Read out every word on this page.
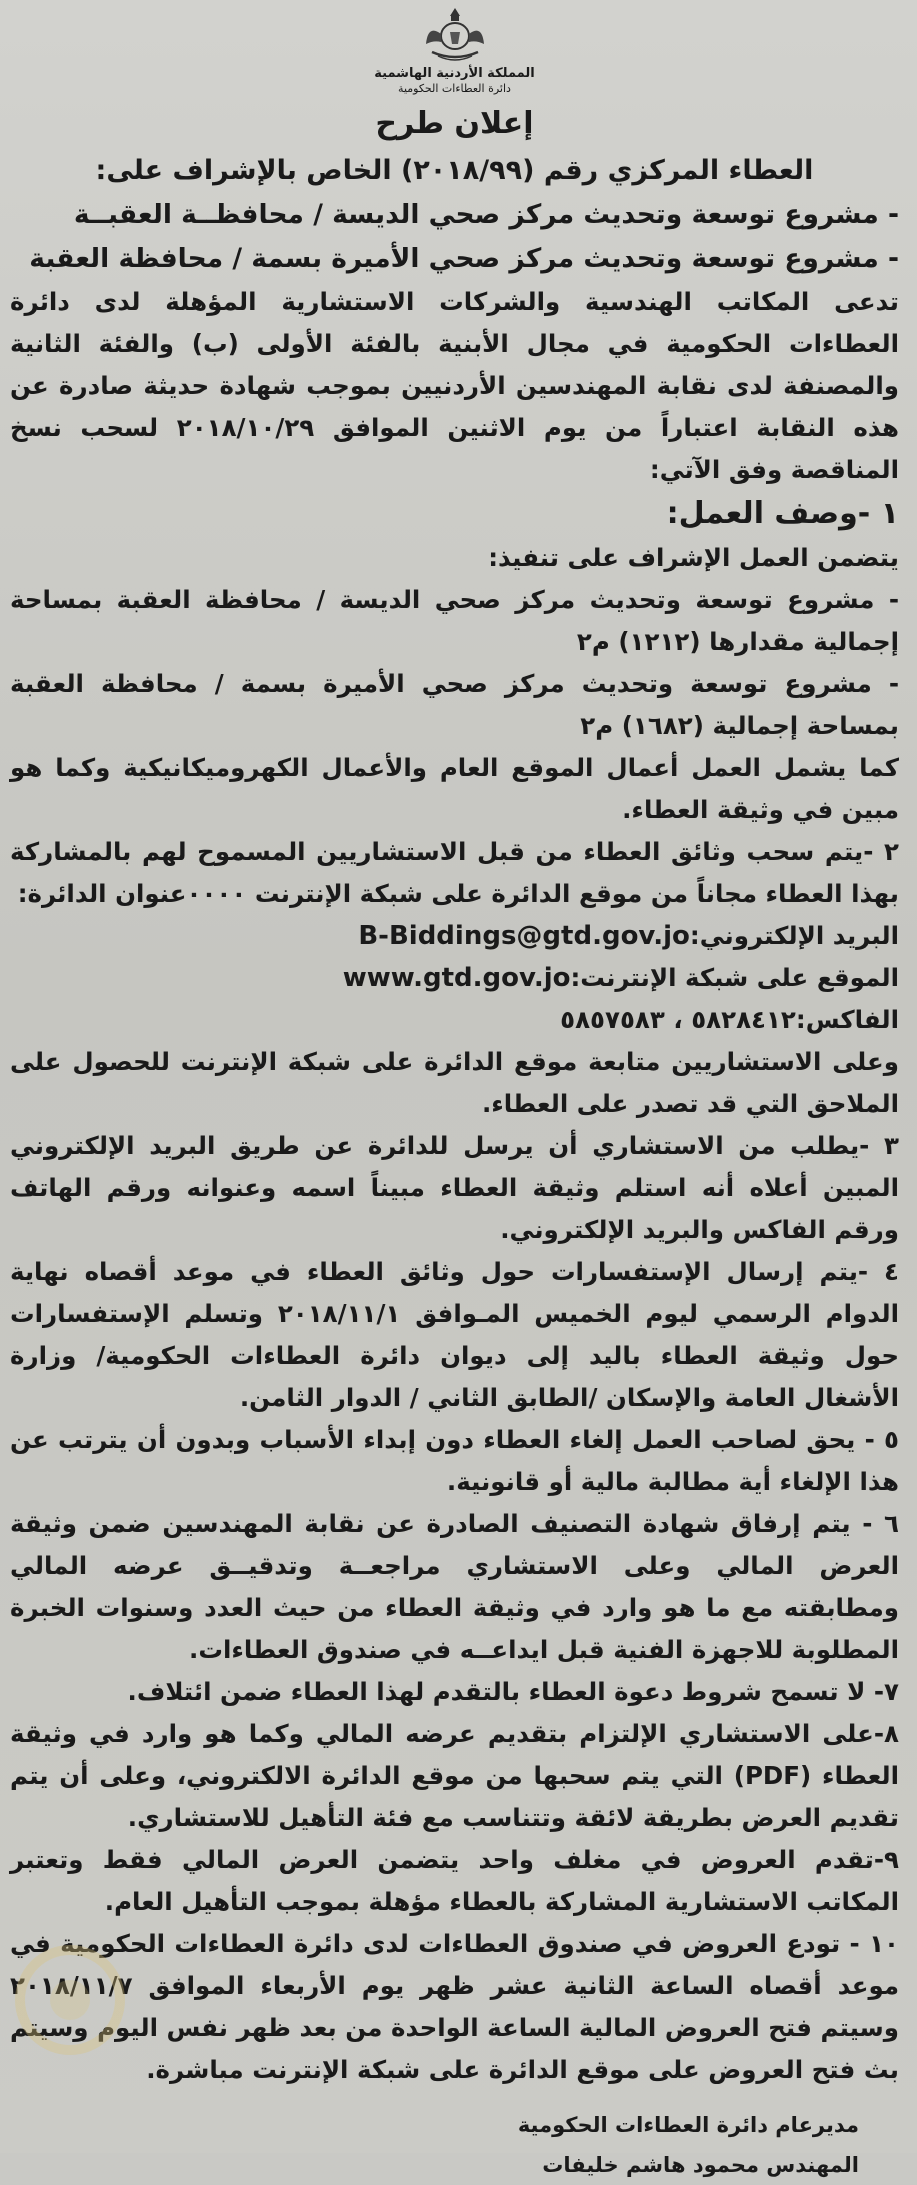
المملكة الأردنية الهاشمية
دائرة العطاءات الحكومية
إعلان طرح

العطاء المركزي رقم (٢٠١٨/٩٩) الخاص بالإشراف على:

- مشروع توسعة وتحديث مركز صحي الديسة / محافظــة العقبــة

- مشروع توسعة وتحديث مركز صحي الأميرة بسمة / محافظة العقبة

تدعى المكاتب الهندسية والشركات الاستشارية المؤهلة لدى دائرة العطاءات الحكومية في مجال الأبنية بالفئة الأولى (ب) والفئة الثانية والمصنفة لدى نقابة المهندسين الأردنيين بموجب شهادة حديثة صادرة عن هذه النقابة اعتباراً من يوم الاثنين الموافق ٢٠١٨/١٠/٢٩ لسحب نسخ المناقصة وفق الآتي:

١ -وصف العمل:

يتضمن العمل الإشراف على تنفيذ:

- مشروع توسعة وتحديث مركز صحي الديسة / محافظة العقبة بمساحة إجمالية مقدارها (١٢١٢) م٢

- مشروع توسعة وتحديث مركز صحي الأميرة بسمة / محافظة العقبة بمساحة إجمالية (١٦٨٢) م٢

كما يشمل العمل أعمال الموقع العام والأعمال الكهروميكانيكية وكما هو مبين في وثيقة العطاء.

٢ -يتم سحب وثائق العطاء من قبل الاستشاريين المسموح لهم بالمشاركة بهذا العطاء مجاناً من موقع الدائرة على شبكة الإنترنت ٠٠٠٠عنوان الدائرة:

البريد الإلكتروني:
B-Biddings@gtd.gov.jo
الموقع على شبكة الإنترنت:
www.gtd.gov.jo
الفاكس:
٥٨٢٨٤١٢ ، ٥٨٥٧٥٨٣

وعلى الاستشاريين متابعة موقع الدائرة على شبكة الإنترنت للحصول على الملاحق التي قد تصدر على العطاء.

٣ -يطلب من الاستشاري أن يرسل للدائرة عن طريق البريد الإلكتروني المبين أعلاه أنه استلم وثيقة العطاء مبيناً اسمه وعنوانه ورقم الهاتف ورقم الفاكس والبريد الإلكتروني.

٤ -يتم إرسال الإستفسارات حول وثائق العطاء في موعد أقصاه نهاية الدوام الرسمي ليوم الخميس المـوافق ٢٠١٨/١١/١ وتسلم الإستفسارات حول وثيقة العطاء باليد إلى ديوان دائرة العطاءات الحكومية/ وزارة الأشغال العامة والإسكان /الطابق الثاني / الدوار الثامن.

٥ - يحق لصاحب العمل إلغاء العطاء دون إبداء الأسباب وبدون أن يترتب عن هذا الإلغاء أية مطالبة مالية أو قانونية.

٦ - يتم إرفاق شهادة التصنيف الصادرة عن نقابة المهندسين ضمن وثيقة العرض المالي وعلى الاستشاري مراجعــة وتدقيــق عرضه المالي ومطابقته مع ما هو وارد في وثيقة العطاء من حيث العدد وسنوات الخبرة المطلوبة للاجهزة الفنية قبل ايداعــه في صندوق العطاءات.

٧- لا تسمح شروط دعوة العطاء بالتقدم لهذا العطاء ضمن ائتلاف.

٨-على الاستشاري الإلتزام بتقديم عرضه المالي وكما هو وارد في وثيقة العطاء (PDF) التي يتم سحبها من موقع الدائرة الالكتروني، وعلى أن يتم تقديم العرض بطريقة لائقة وتتناسب مع فئة التأهيل للاستشاري.

٩-تقدم العروض في مغلف واحد يتضمن العرض المالي فقط وتعتبر المكاتب الاستشارية المشاركة بالعطاء مؤهلة بموجب التأهيل العام.

١٠ - تودع العروض في صندوق العطاءات لدى دائرة العطاءات الحكومية في موعد أقصاه الساعة الثانية عشر ظهر يوم الأربعاء الموافق ٢٠١٨/١١/٧ وسيتم فتح العروض المالية الساعة الواحدة من بعد ظهر نفس اليوم وسيتم بث فتح العروض على موقع الدائرة على شبكة الإنترنت مباشرة.

مديرعام دائرة العطاءات الحكومية
المهندس محمود هاشم خليفات
